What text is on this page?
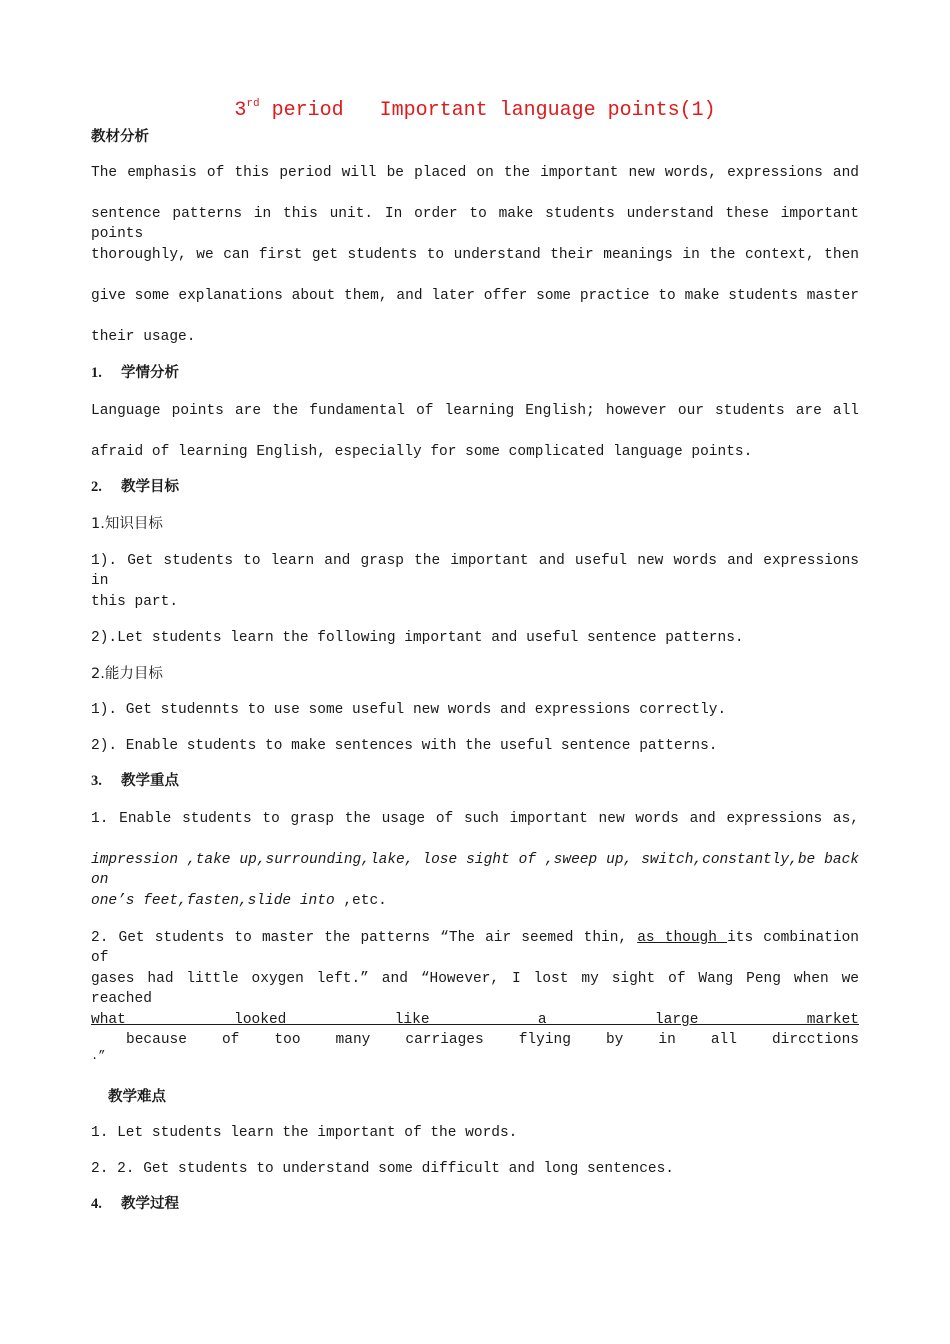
3rd period   Important language points(1)
教材分析
The emphasis of this period will be placed on the important new words, expressions and
sentence patterns in this unit. In order to make students understand these important points
thoroughly, we can first get students to understand their meanings in the context, then
give some explanations about them, and later offer some practice to make students master
their usage.
1. 学情分析
Language points are the fundamental of learning English; however our students are all
afraid of learning English, especially for some complicated language points.
2. 教学目标
1.知识目标
1). Get students to learn and grasp the important and useful new words and expressions in
this part.
2).Let students learn the following important and useful sentence patterns.
2.能力目标
1). Get studennts to use some useful new words and expressions correctly.
2). Enable students to make sentences with the useful sentence patterns.
3. 教学重点
1. Enable students to grasp the usage of such important new words and expressions as,
impression ,take up,surrounding,lake, lose sight of ,sweep up, switch,constantly,be back on
one’s feet,fasten,slide into ,etc.
2. Get students to master the patterns “The air seemed thin, as though its combination of
gases had little oxygen left.” and “However, I lost my sight of Wang Peng when we reached
what looked like a large market because of too many carriages flying by in all dircctions
.”
教学难点
1. Let students learn the important of the words.
2. 2. Get students to understand some difficult and long sentences.
4. 教学过程
